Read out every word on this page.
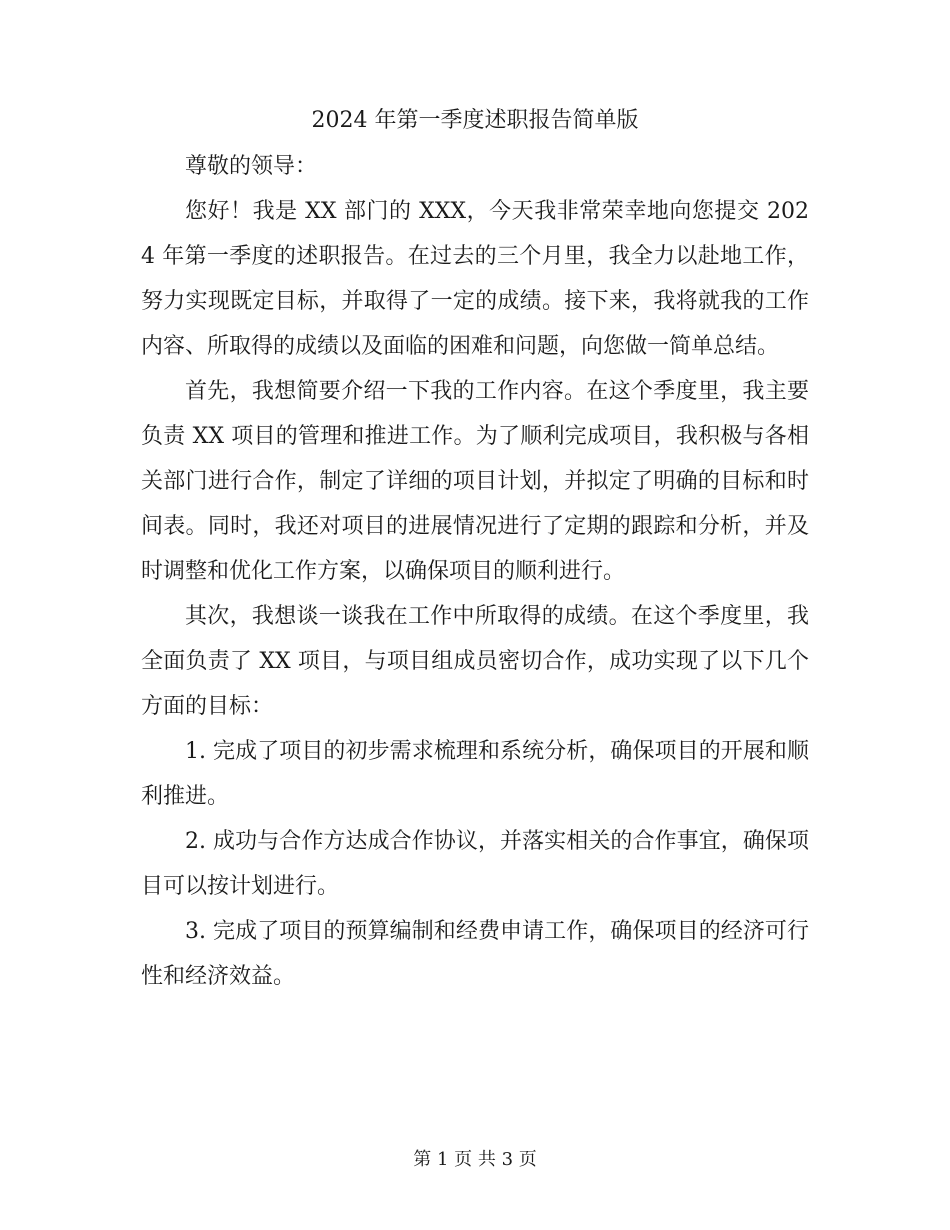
2024 年第一季度述职报告简单版

尊敬的领导：

您好！我是 XX 部门的 XXX，今天我非常荣幸地向您提交 2024 年第一季度的述职报告。在过去的三个月里，我全力以赴地工作，努力实现既定目标，并取得了一定的成绩。接下来，我将就我的工作内容、所取得的成绩以及面临的困难和问题，向您做一简单总结。

首先，我想简要介绍一下我的工作内容。在这个季度里，我主要负责 XX 项目的管理和推进工作。为了顺利完成项目，我积极与各相关部门进行合作，制定了详细的项目计划，并拟定了明确的目标和时间表。同时，我还对项目的进展情况进行了定期的跟踪和分析，并及时调整和优化工作方案，以确保项目的顺利进行。

其次，我想谈一谈我在工作中所取得的成绩。在这个季度里，我全面负责了 XX 项目，与项目组成员密切合作，成功实现了以下几个方面的目标：

1. 完成了项目的初步需求梳理和系统分析，确保项目的开展和顺利推进。

2. 成功与合作方达成合作协议，并落实相关的合作事宜，确保项目可以按计划进行。

3. 完成了项目的预算编制和经费申请工作，确保项目的经济可行性和经济效益。

第 1 页 共 3 页
